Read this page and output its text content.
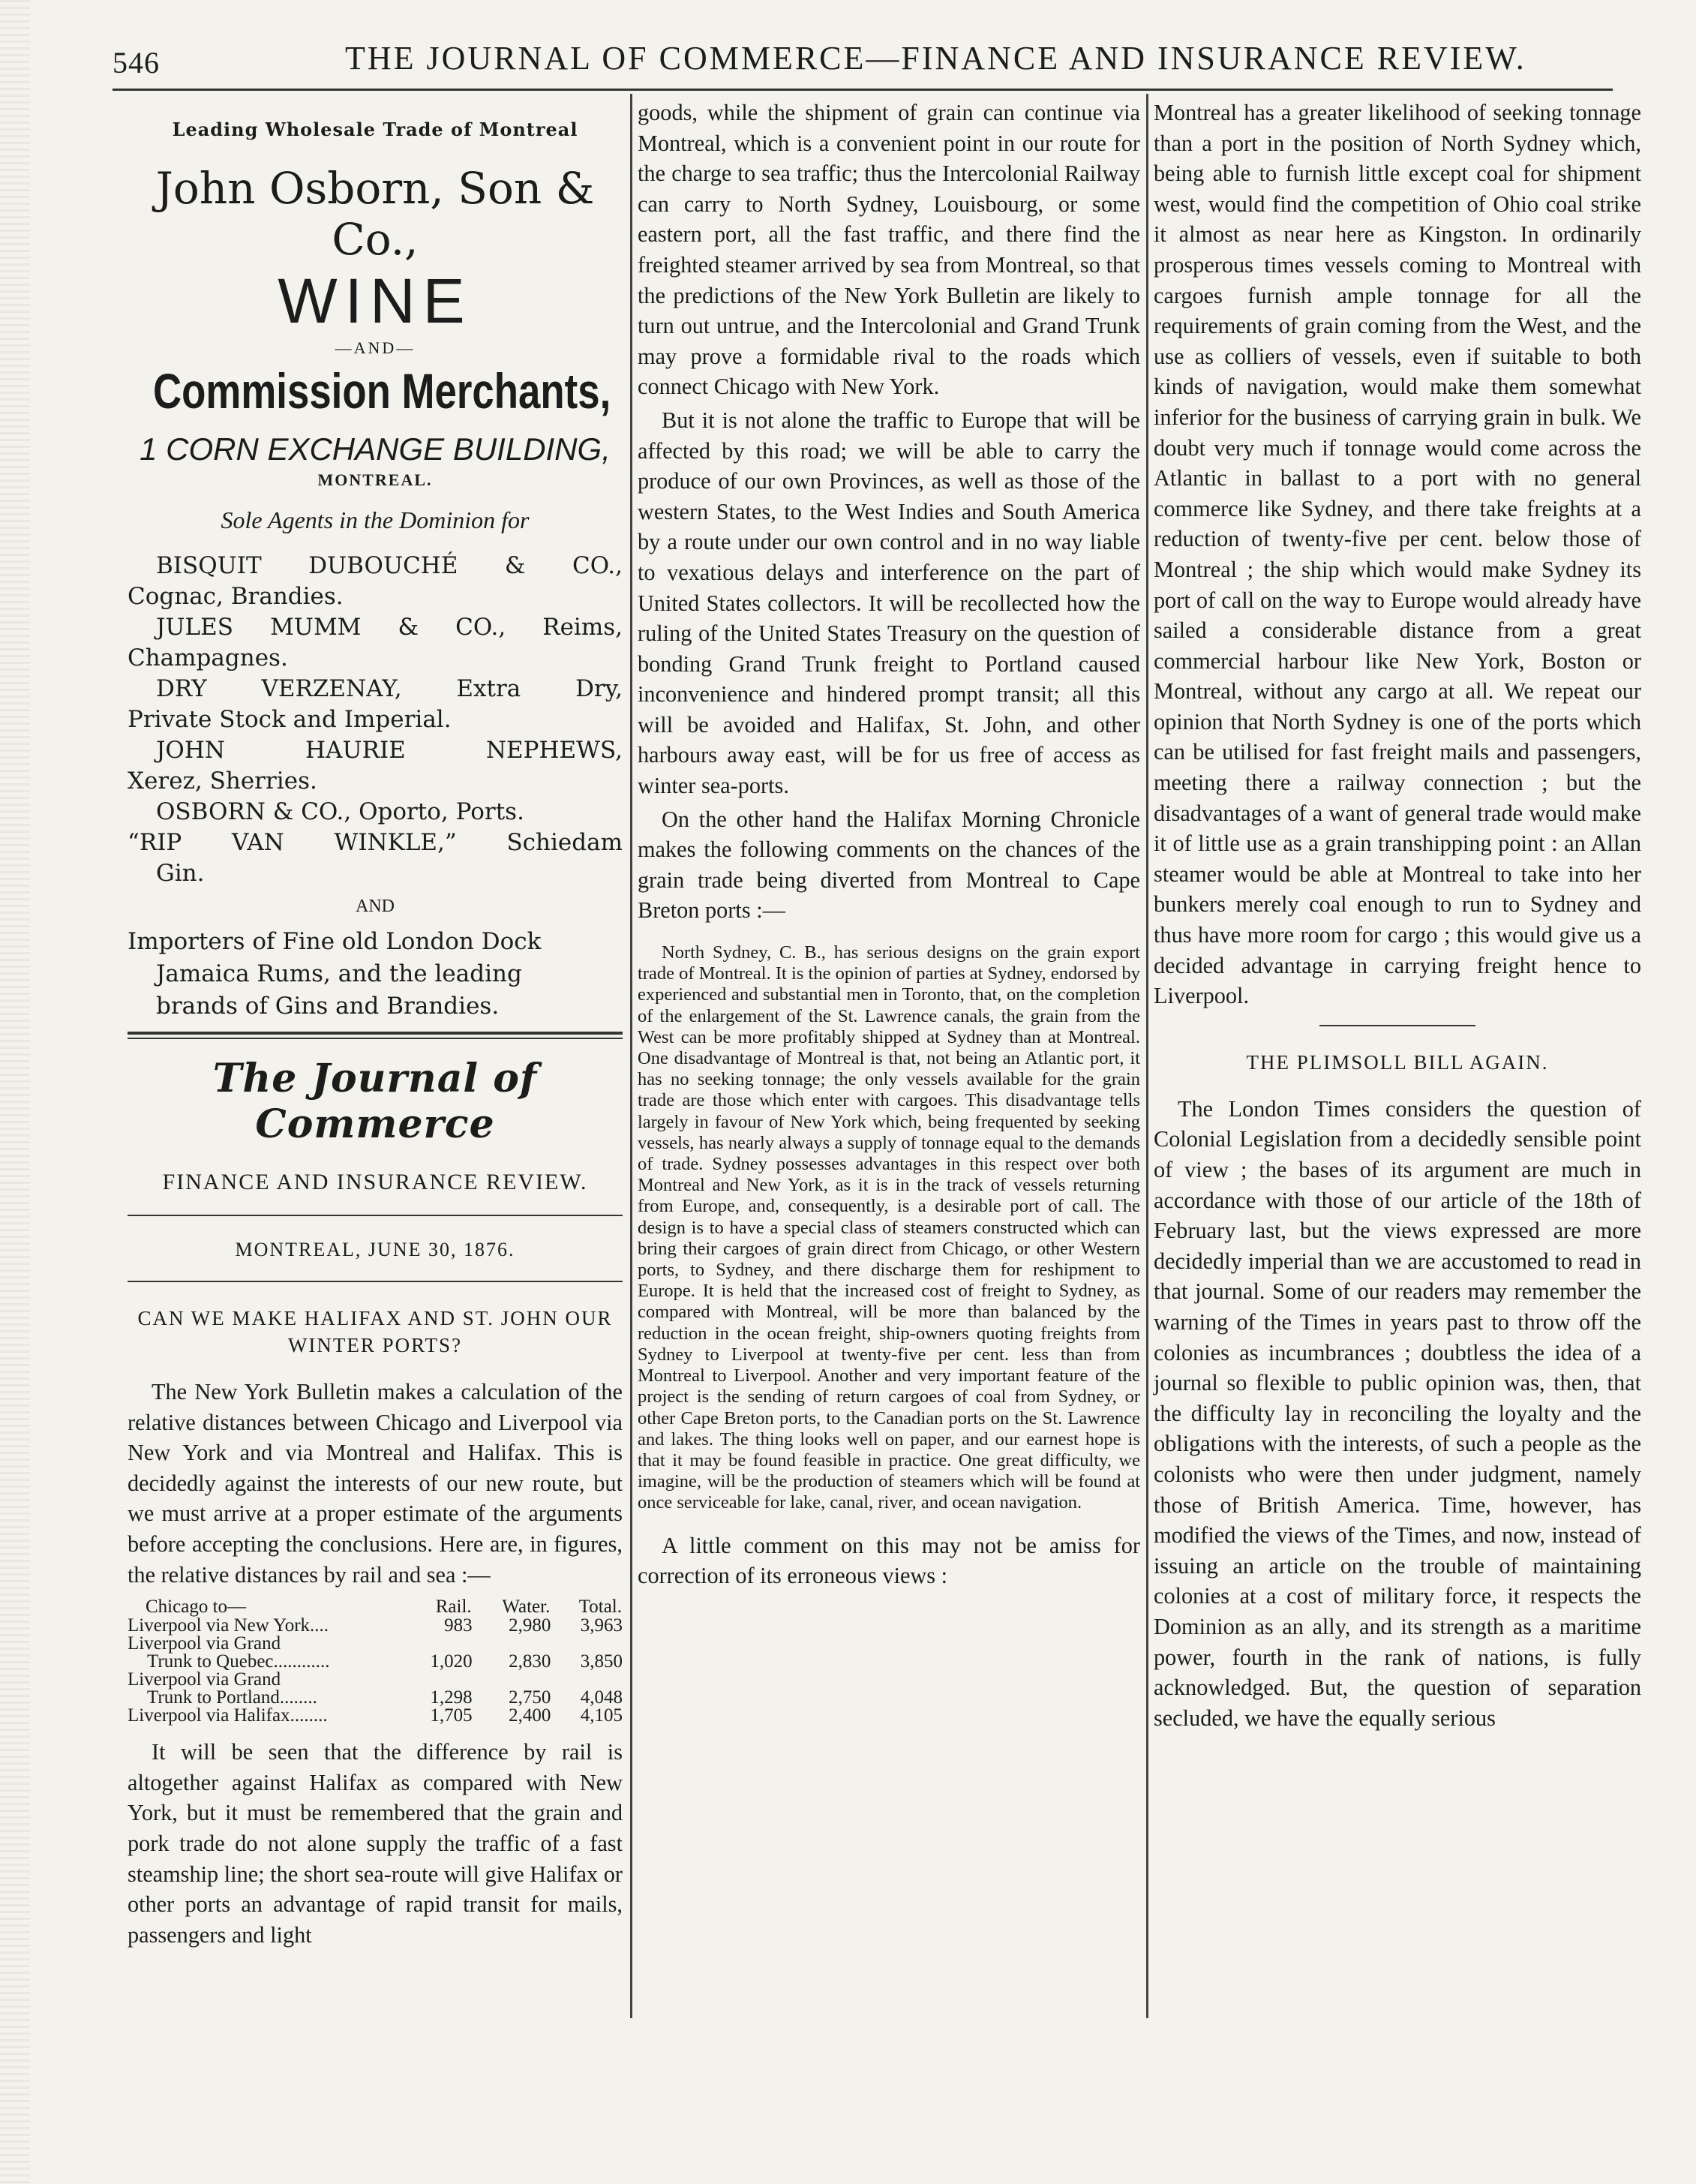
546	THE JOURNAL OF COMMERCE—FINANCE AND INSURANCE REVIEW.
Leading Wholesale Trade of Montreal
John Osborn, Son & Co.,
WINE
—AND—
Commission Merchants,
1 CORN EXCHANGE BUILDING,
MONTREAL.
Sole Agents in the Dominion for
BISQUIT DUBOUCHÉ & CO.,
Cognac, Brandies.
JULES MUMM & CO., Reims,
Champagnes.
DRY VERZENAY, Extra Dry,
Private Stock and Imperial.
JOHN HAURIE NEPHEWS,
Xerez, Sherries.
OSBORN & CO., Oporto, Ports.
“RIP VAN WINKLE,” Schiedam
Gin.
AND
Importers of Fine old London Dock
Jamaica Rums, and the leading
brands of Gins and Brandies.
The Journal of Commerce
FINANCE AND INSURANCE REVIEW.
MONTREAL, JUNE 30, 1876.
CAN WE MAKE HALIFAX AND ST. JOHN OUR WINTER PORTS?

The New York Bulletin makes a calculation of the relative distances between Chicago and Liverpool via New York and via Montreal and Halifax. This is decidedly against the interests of our new route, but we must arrive at a proper estimate of the arguments before accepting the conclusions. Here are, in figures, the relative distances by rail and sea :—

Chicago to—	Rail.	Water.	Total.
Liverpool via New York....	983	2,980	3,963
Liverpool via Grand			
Trunk to Quebec............	1,020	2,830	3,850
Liverpool via Grand			
Trunk to Portland........	1,298	2,750	4,048
Liverpool via Halifax........	1,705	2,400	4,105

It will be seen that the difference by rail is altogether against Halifax as compared with New York, but it must be remembered that the grain and pork trade do not alone supply the traffic of a fast steamship line; the short sea-route will give Halifax or other ports an advantage of rapid transit for mails, passengers and light

goods, while the shipment of grain can continue via Montreal, which is a convenient point in our route for the charge to sea traffic; thus the Intercolonial Railway can carry to North Sydney, Louisbourg, or some eastern port, all the fast traffic, and there find the freighted steamer arrived by sea from Montreal, so that the predictions of the New York Bulletin are likely to turn out untrue, and the Intercolonial and Grand Trunk may prove a formidable rival to the roads which connect Chicago with New York.

But it is not alone the traffic to Europe that will be affected by this road; we will be able to carry the produce of our own Provinces, as well as those of the western States, to the West Indies and South America by a route under our own control and in no way liable to vexatious delays and interference on the part of United States collectors. It will be recollected how the ruling of the United States Treasury on the question of bonding Grand Trunk freight to Portland caused inconvenience and hindered prompt transit; all this will be avoided and Halifax, St. John, and other harbours away east, will be for us free of access as winter sea-ports.

On the other hand the Halifax Morning Chronicle makes the following comments on the chances of the grain trade being diverted from Montreal to Cape Breton ports :—

North Sydney, C. B., has serious designs on the grain export trade of Montreal. It is the opinion of parties at Sydney, endorsed by experienced and substantial men in Toronto, that, on the completion of the enlargement of the St. Lawrence canals, the grain from the West can be more profitably shipped at Sydney than at Montreal. One disadvantage of Montreal is that, not being an Atlantic port, it has no seeking tonnage; the only vessels available for the grain trade are those which enter with cargoes. This disadvantage tells largely in favour of New York which, being frequented by seeking vessels, has nearly always a supply of tonnage equal to the demands of trade. Sydney possesses advantages in this respect over both Montreal and New York, as it is in the track of vessels returning from Europe, and, consequently, is a desirable port of call. The design is to have a special class of steamers constructed which can bring their cargoes of grain direct from Chicago, or other Western ports, to Sydney, and there discharge them for reshipment to Europe. It is held that the increased cost of freight to Sydney, as compared with Montreal, will be more than balanced by the reduction in the ocean freight, ship-owners quoting freights from Sydney to Liverpool at twenty-five per cent. less than from Montreal to Liverpool. Another and very important feature of the project is the sending of return cargoes of coal from Sydney, or other Cape Breton ports, to the Canadian ports on the St. Lawrence and lakes. The thing looks well on paper, and our earnest hope is that it may be found feasible in practice. One great difficulty, we imagine, will be the production of steamers which will be found at once serviceable for lake, canal, river, and ocean navigation.

A little comment on this may not be amiss for correction of its erroneous views :

Montreal has a greater likelihood of seeking tonnage than a port in the position of North Sydney which, being able to furnish little except coal for shipment west, would find the competition of Ohio coal strike it almost as near here as Kingston. In ordinarily prosperous times vessels coming to Montreal with cargoes furnish ample tonnage for all the requirements of grain coming from the West, and the use as colliers of vessels, even if suitable to both kinds of navigation, would make them somewhat inferior for the business of carrying grain in bulk. We doubt very much if tonnage would come across the Atlantic in ballast to a port with no general commerce like Sydney, and there take freights at a reduction of twenty-five per cent. below those of Montreal ; the ship which would make Sydney its port of call on the way to Europe would already have sailed a considerable distance from a great commercial harbour like New York, Boston or Montreal, without any cargo at all. We repeat our opinion that North Sydney is one of the ports which can be utilised for fast freight mails and passengers, meeting there a railway connection ; but the disadvantages of a want of general trade would make it of little use as a grain transhipping point : an Allan steamer would be able at Montreal to take into her bunkers merely coal enough to run to Sydney and thus have more room for cargo ; this would give us a decided advantage in carrying freight hence to Liverpool.

THE PLIMSOLL BILL AGAIN.

The London Times considers the question of Colonial Legislation from a decidedly sensible point of view ; the bases of its argument are much in accordance with those of our article of the 18th of February last, but the views expressed are more decidedly imperial than we are accustomed to read in that journal. Some of our readers may remember the warning of the Times in years past to throw off the colonies as incumbrances ; doubtless the idea of a journal so flexible to public opinion was, then, that the difficulty lay in reconciling the loyalty and the obligations with the interests, of such a people as the colonists who were then under judgment, namely those of British America. Time, however, has modified the views of the Times, and now, instead of issuing an article on the trouble of maintaining colonies at a cost of military force, it respects the Dominion as an ally, and its strength as a maritime power, fourth in the rank of nations, is fully acknowledged. But, the question of separation secluded, we have the equally serious
